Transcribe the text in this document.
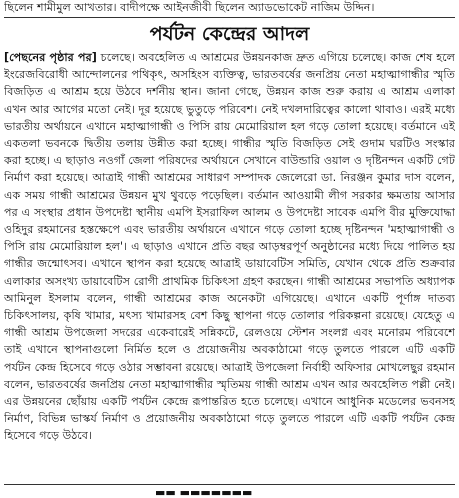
ছিলেন শামীমুল আখতার। বাদীপক্ষে আইনজীবী ছিলেন অ্যাডভোকেট নাজিম উদ্দিন।
পর্যটন কেন্দ্রের আদল
[পেছনের পৃষ্ঠার পর] চলেছে। অবহেলিত এ আশ্রমের উন্নয়নকাজ দ্রুত এগিয়ে চলেছে। কাজ শেষ হলে ইংরেজবিরোধী আন্দোলনের পথিকৃৎ, অসহিংস ব্যক্তিত্ব, ভারতবর্ষের জনপ্রিয় নেতা মহাত্মাগান্ধীর স্মৃতি বিজড়িত এ আশ্রম হয়ে উঠবে দর্শনীয় স্থান। জানা গেছে, উন্নয়ন কাজ শুরু করায় এ আশ্রম এলাকা এখন আর আগের মতো নেই। দূর হয়েছে ভুতুড়ে পরিবেশ। নেই দখলদারিত্বের কালো থাবাও। এরই মধ্যে ভারতীয় অর্থায়নে এখানে মহাত্মাগান্ধী ও পিসি রায় মেমোরিয়াল হল গড়ে তোলা হয়েছে। বর্তমানে এই একতলা ভবনকে দ্বিতীয় তলায় উন্নীত করা হচ্ছে। গান্ধীর স্মৃতি বিজড়িত সেই গুদাম ঘরটিও সংস্কার করা হচ্ছে। এ ছাড়াও নওগাঁ জেলা পরিষদের অর্থায়নে সেখানে বাউন্ডারি ওয়াল ও দৃষ্টিনন্দন একটি গেট নির্মাণ করা হয়েছে। আত্রাই গান্ধী আশ্রমের সাধারণ সম্পাদক জেলেরো ডা. নিরঞ্জন কুমার দাস বলেন, এক সময় গান্ধী আশ্রমের উন্নয়ন মুখ থুবড়ে পড়েছিল। বর্তমান আওয়ামী লীগ সরকার ক্ষমতায় আসার পর এ সংস্থার প্রধান উপদেষ্টা স্থানীয় এমপি ইসরাফিল আলম ও উপদেষ্টা সাবেক এমপি বীর মুক্তিযোদ্ধা ওহিদুর রহমানের হস্তক্ষেপে এবং ভারতীয় অর্থায়নে এখানে গড়ে তোলা হচ্ছে দৃষ্টিনন্দন 'মহাত্মাগান্ধী ও পিসি রায় মেমোরিয়াল হল'। এ ছাড়াও এখানে প্রতি বছর আড়ম্বরপূর্ণ অনুষ্ঠানের মধ্যে দিয়ে পালিত হয় গান্ধীর জন্মোৎসব। এখানে স্থাপন করা হয়েছে আত্রাই ডায়াবেটিস সমিতি, যেখান থেকে প্রতি শুক্রবার এলাকার অসংখ্য ডায়াবেটিস রোগী প্রাথমিক চিকিৎসা গ্রহণ করছেন। গান্ধী আশ্রমের সভাপতি অধ্যাপক আমিনুল ইসলাম বলেন, গান্ধী আশ্রমের কাজ অনেকটা এগিয়েছে। এখানে একটি পূর্ণাঙ্গ দাতব্য চিকিৎসালয়, কৃষি খামার, মৎস্য খামারসহ বেশ কিছু স্থাপনা গড়ে তোলার পরিকল্পনা রয়েছে। যেহেতু এ গান্ধী আশ্রম উপজেলা সদরের একেবারেই সন্নিকটে, রেলওয়ে স্টেশন সংলগ্ন এবং মনোরম পরিবেশে তাই এখানে স্থাপনাগুলো নির্মিত হলে ও প্রয়োজনীয় অবকাঠামো গড়ে তুলতে পারলে এটি একটি পর্যটন কেন্দ্র হিসেবে গড়ে ওঠার সম্ভাবনা রয়েছে। আত্রাই উপজেলা নির্বাহী অফিসার মোখলেছুর রহমান বলেন, ভারতবর্ষের জনপ্রিয় নেতা মহাত্মাগান্ধীর স্মৃতিময় গান্ধী আশ্রম এখন আর অবহেলিত পল্লী নেই। এর উন্নয়নের ছোঁয়ায় একটি পর্যটন কেন্দ্রে রূপান্তরিত হতে চলেছে। এখানে আধুনিক মডেলের ভবনসহ নির্মাণ, বিভিন্ন ভাস্কর্য নির্মাণ ও প্রয়োজনীয় অবকাঠামো গড়ে তুলতে পারলে এটি একটি পর্যটন কেন্দ্র হিসেবে গড়ে উঠবে।
▬▬ ▬▬▬▬▬▬▬
